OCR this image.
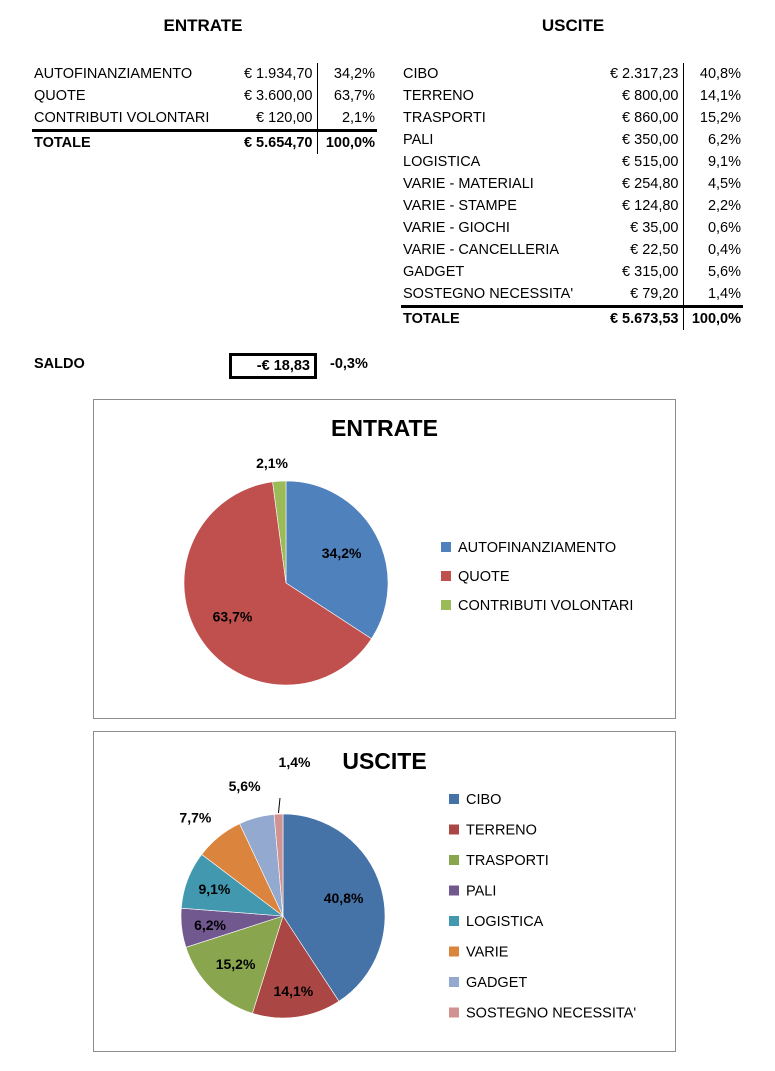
ENTRATE	USCITE
AUTOFINANZIAMENTO	€ 1.934,70	34,2%
QUOTE	€ 3.600,00	63,7%
CONTRIBUTI VOLONTARI	€ 120,00	2,1%
TOTALE	€ 5.654,70	100,0%
CIBO	€ 2.317,23	40,8%
TERRENO	€ 800,00	14,1%
TRASPORTI	€ 860,00	15,2%
PALI	€ 350,00	6,2%
LOGISTICA	€ 515,00	9,1%
VARIE - MATERIALI	€ 254,80	4,5%
VARIE - STAMPE	€ 124,80	2,2%
VARIE - GIOCHI	€ 35,00	0,6%
VARIE - CANCELLERIA	€ 22,50	0,4%
GADGET	€ 315,00	5,6%
SOSTEGNO NECESSITA'	€ 79,20	1,4%
TOTALE	€ 5.673,53	100,0%
SALDO	-€ 18,83	-0,3%
ENTRATE
34,2%
63,7%
2,1%
AUTOFINANZIAMENTO
QUOTE
CONTRIBUTI VOLONTARI
USCITE
40,8%
14,1%
15,2%
6,2%
9,1%
7,7%
5,6%
1,4%
CIBO
TERRENO
TRASPORTI
PALI
LOGISTICA
VARIE
GADGET
SOSTEGNO NECESSITA'
